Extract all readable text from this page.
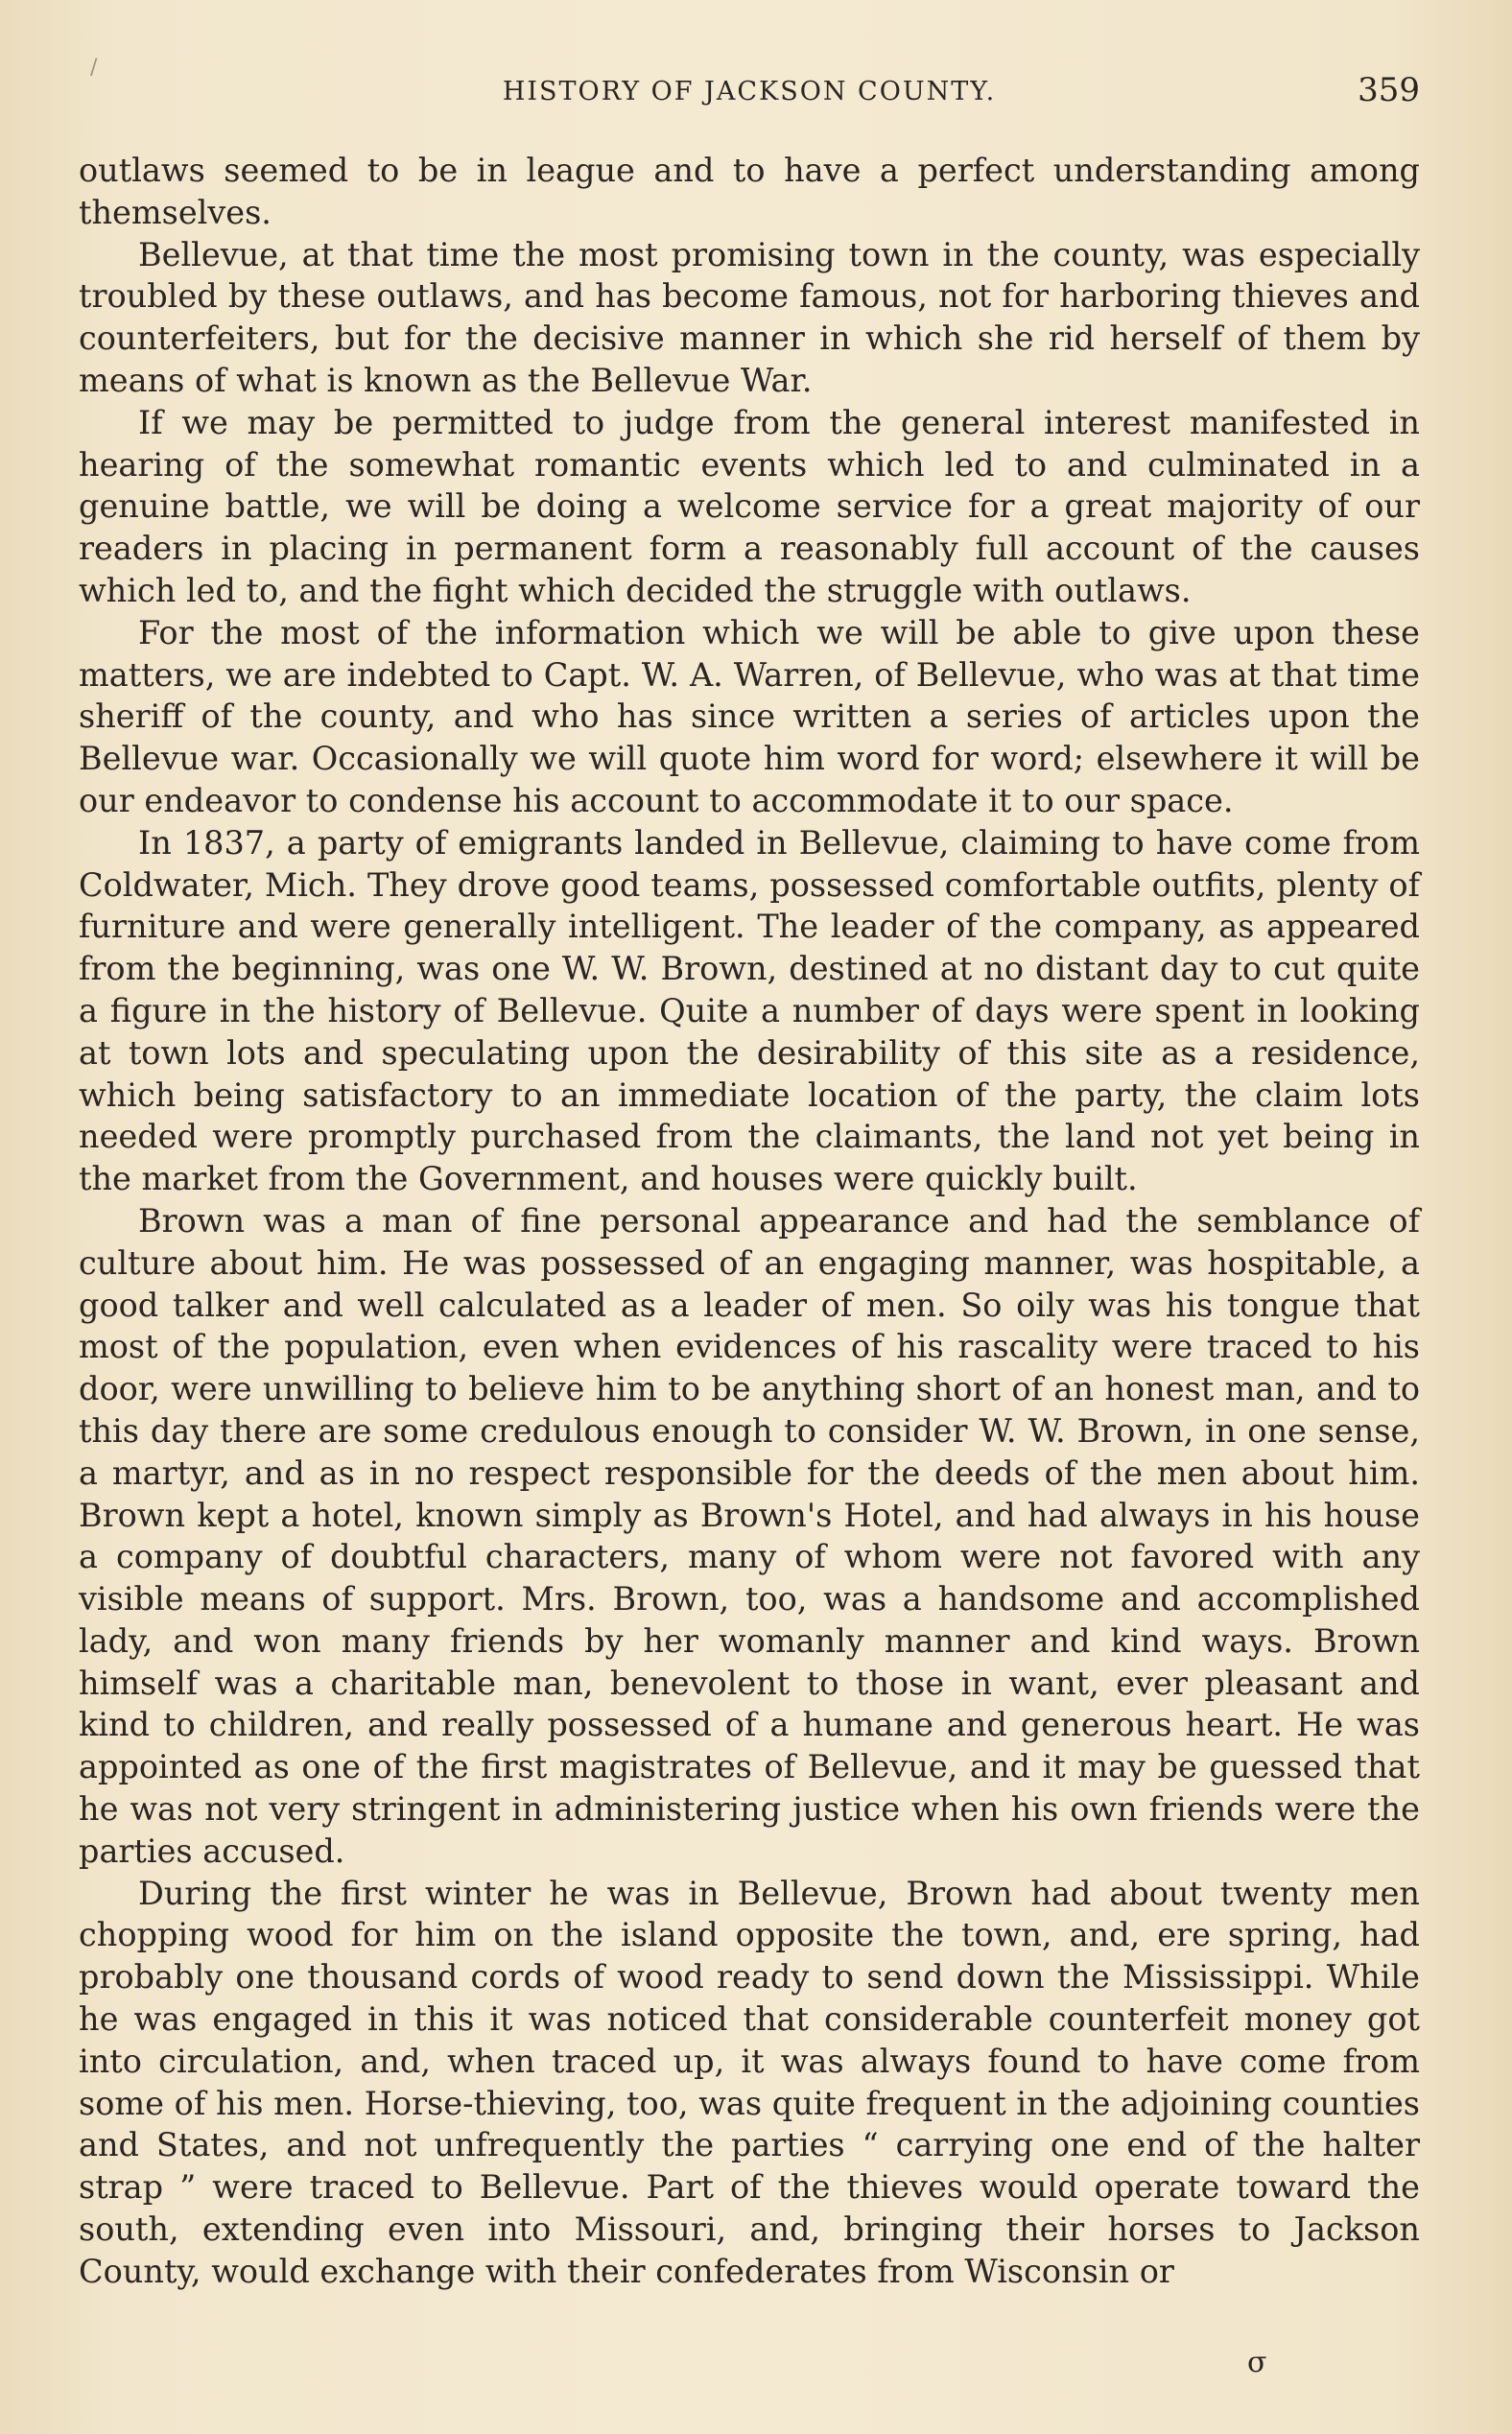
/
HISTORY OF JACKSON COUNTY.	359

outlaws seemed to be in league and to have a perfect understanding among themselves.

Bellevue, at that time the most promising town in the county, was especially troubled by these outlaws, and has become famous, not for harboring thieves and counterfeiters, but for the decisive manner in which she rid herself of them by means of what is known as the Bellevue War.

If we may be permitted to judge from the general interest manifested in hearing of the somewhat romantic events which led to and culminated in a genuine battle, we will be doing a welcome service for a great majority of our readers in placing in permanent form a reasonably full account of the causes which led to, and the fight which decided the struggle with outlaws.

For the most of the information which we will be able to give upon these matters, we are indebted to Capt. W. A. Warren, of Bellevue, who was at that time sheriff of the county, and who has since written a series of articles upon the Bellevue war. Occasionally we will quote him word for word; elsewhere it will be our endeavor to condense his account to accommodate it to our space.

In 1837, a party of emigrants landed in Bellevue, claiming to have come from Coldwater, Mich. They drove good teams, possessed comfortable outfits, plenty of furniture and were generally intelligent. The leader of the company, as appeared from the beginning, was one W. W. Brown, destined at no distant day to cut quite a figure in the history of Bellevue. Quite a number of days were spent in looking at town lots and speculating upon the desirability of this site as a residence, which being satisfactory to an immediate location of the party, the claim lots needed were promptly purchased from the claimants, the land not yet being in the market from the Government, and houses were quickly built.

Brown was a man of fine personal appearance and had the semblance of culture about him. He was possessed of an engaging manner, was hospitable, a good talker and well calculated as a leader of men. So oily was his tongue that most of the population, even when evidences of his rascality were traced to his door, were unwilling to believe him to be anything short of an honest man, and to this day there are some credulous enough to consider W. W. Brown, in one sense, a martyr, and as in no respect responsible for the deeds of the men about him. Brown kept a hotel, known simply as Brown's Hotel, and had always in his house a company of doubtful characters, many of whom were not favored with any visible means of support. Mrs. Brown, too, was a handsome and accomplished lady, and won many friends by her womanly manner and kind ways. Brown himself was a charitable man, benevolent to those in want, ever pleasant and kind to children, and really possessed of a humane and generous heart. He was appointed as one of the first magistrates of Bellevue, and it may be guessed that he was not very stringent in administering justice when his own friends were the parties accused.

During the first winter he was in Bellevue, Brown had about twenty men chopping wood for him on the island opposite the town, and, ere spring, had probably one thousand cords of wood ready to send down the Mississippi. While he was engaged in this it was noticed that considerable counterfeit money got into circulation, and, when traced up, it was always found to have come from some of his men. Horse-thieving, too, was quite frequent in the adjoining counties and States, and not unfrequently the parties “ carrying one end of the halter strap ” were traced to Bellevue. Part of the thieves would operate toward the south, extending even into Missouri, and, bringing their horses to Jackson County, would exchange with their confederates from Wisconsin or

σ
